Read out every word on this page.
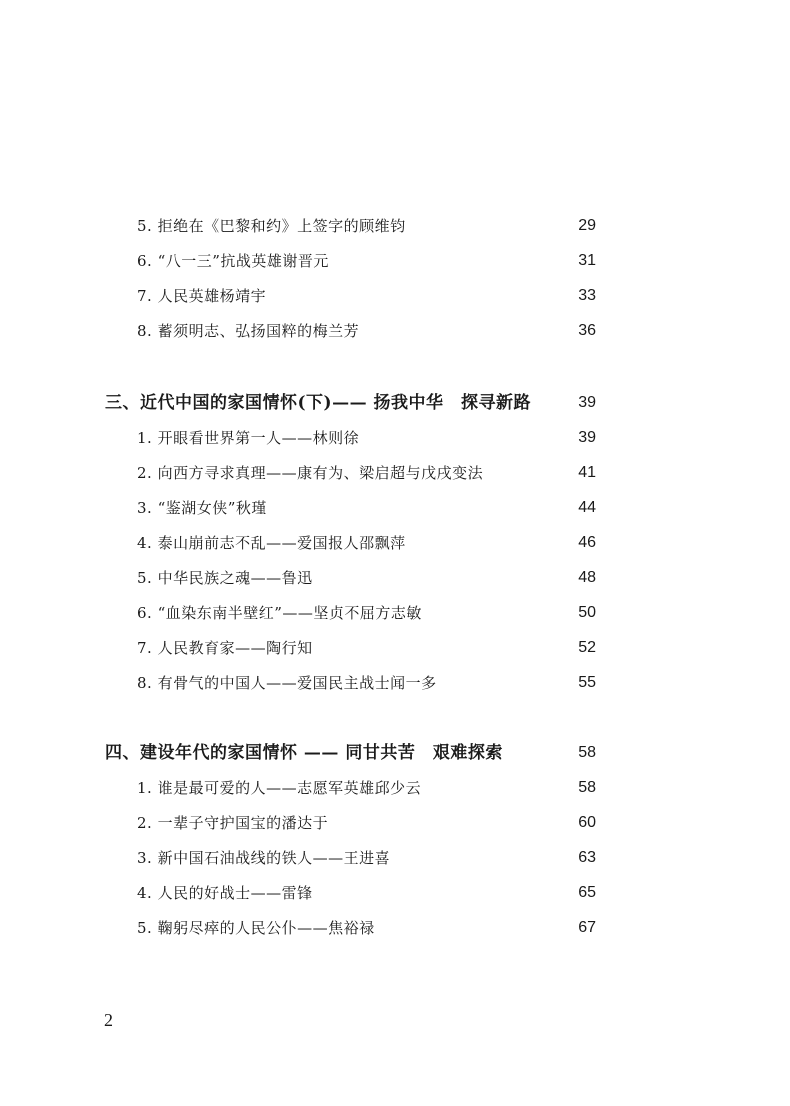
5. 拒绝在《巴黎和约》上签字的顾维钧	29
6. “八一三”抗战英雄谢晋元	31
7. 人民英雄杨靖宇	33
8. 蓄须明志、弘扬国粹的梅兰芳	36
三、近代中国的家国情怀(下)—— 扬我中华　探寻新路	39
1. 开眼看世界第一人——林则徐	39
2. 向西方寻求真理——康有为、梁启超与戊戌变法	41
3. “鉴湖女侠”秋瑾	44
4. 泰山崩前志不乱——爱国报人邵飘萍	46
5. 中华民族之魂——鲁迅	48
6. “血染东南半壁红”——坚贞不屈方志敏	50
7. 人民教育家——陶行知	52
8. 有骨气的中国人——爱国民主战士闻一多	55
四、建设年代的家国情怀 —— 同甘共苦　艰难探索	58
1. 谁是最可爱的人——志愿军英雄邱少云	58
2. 一辈子守护国宝的潘达于	60
3. 新中国石油战线的铁人——王进喜	63
4. 人民的好战士——雷锋	65
5. 鞠躬尽瘁的人民公仆——焦裕禄	67
2
